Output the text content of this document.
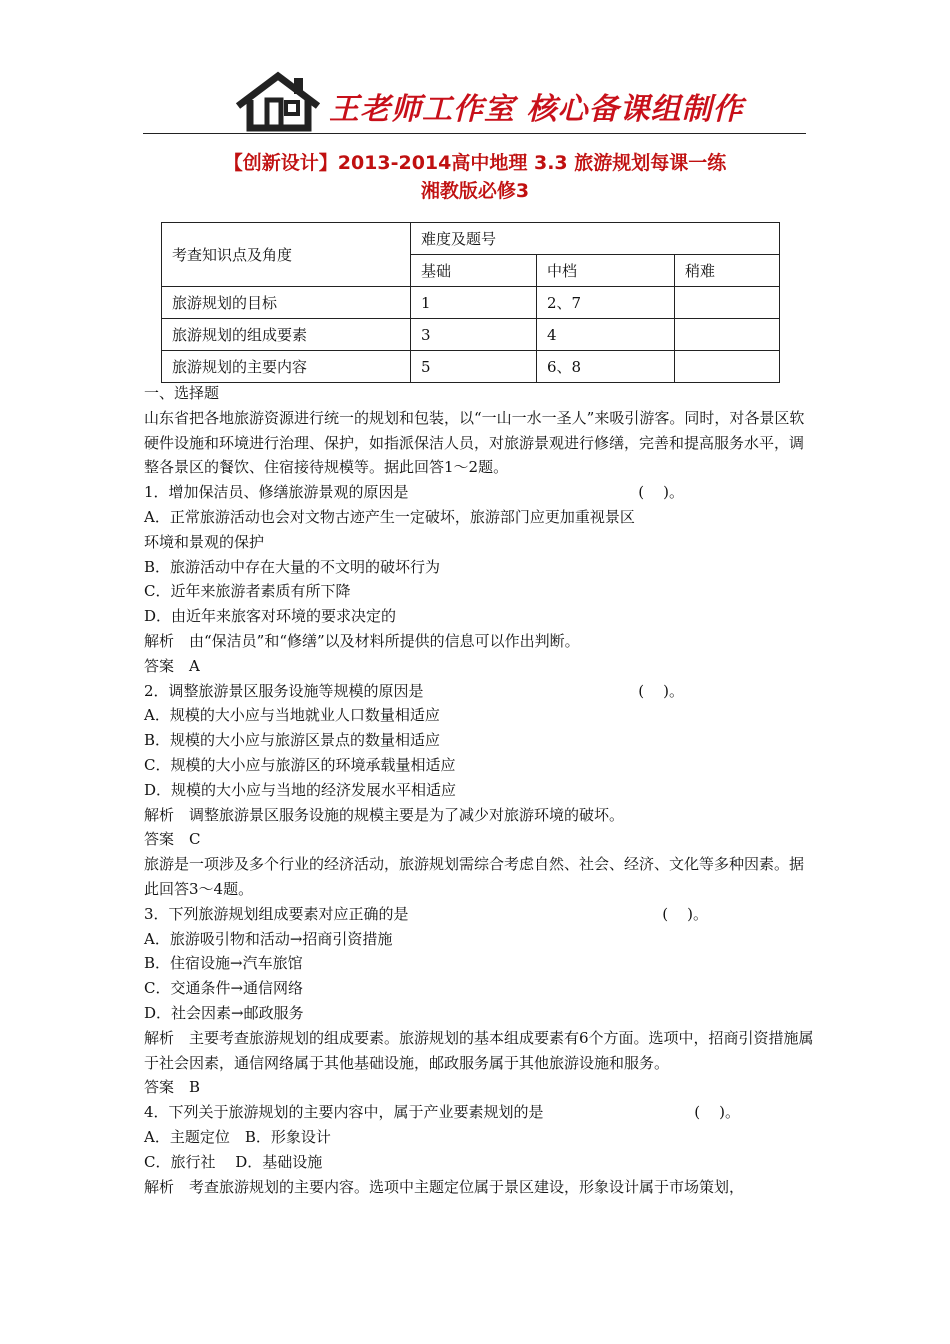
王老师工作室 核心备课组制作
【创新设计】2013-2014高中地理 3.3 旅游规划每课一练
湘教版必修3
考查知识点及角度	难度及题号		
	基础	中档	稍难
旅游规划的目标	1	2、7	
旅游规划的组成要素	3	4	
旅游规划的主要内容	5	6、8	

一、选择题

山东省把各地旅游资源进行统一的规划和包装，以“一山一水一圣人”来吸引游客。同时，对各景区软硬件设施和环境进行治理、保护，如指派保洁人员，对旅游景观进行修缮，完善和提高服务水平，调整各景区的餐饮、住宿接待规模等。据此回答1～2题。

1．增加保洁员、修缮旅游景观的原因是	(    )。

A．正常旅游活动也会对文物古迹产生一定破坏，旅游部门应更加重视景区

环境和景观的保护

B．旅游活动中存在大量的不文明的破坏行为

C．近年来旅游者素质有所下降

D．由近年来旅客对环境的要求决定的

解析　由“保洁员”和“修缮”以及材料所提供的信息可以作出判断。

答案　A

2．调整旅游景区服务设施等规模的原因是	(    )。

A．规模的大小应与当地就业人口数量相适应

B．规模的大小应与旅游区景点的数量相适应

C．规模的大小应与旅游区的环境承载量相适应

D．规模的大小应与当地的经济发展水平相适应

解析　调整旅游景区服务设施的规模主要是为了减少对旅游环境的破坏。

答案　C

旅游是一项涉及多个行业的经济活动，旅游规划需综合考虑自然、社会、经济、文化等多种因素。据此回答3～4题。

3．下列旅游规划组成要素对应正确的是	(    )。

A．旅游吸引物和活动→招商引资措施

B．住宿设施→汽车旅馆

C．交通条件→通信网络

D．社会因素→邮政服务

解析　主要考查旅游规划的组成要素。旅游规划的基本组成要素有6个方面。选项中，招商引资措施属于社会因素，通信网络属于其他基础设施，邮政服务属于其他旅游设施和服务。

答案　B

4．下列关于旅游规划的主要内容中，属于产业要素规划的是	(    )。

A．主题定位　B．形象设计

C．旅行社　 D．基础设施

解析　考查旅游规划的主要内容。选项中主题定位属于景区建设，形象设计属于市场策划，
